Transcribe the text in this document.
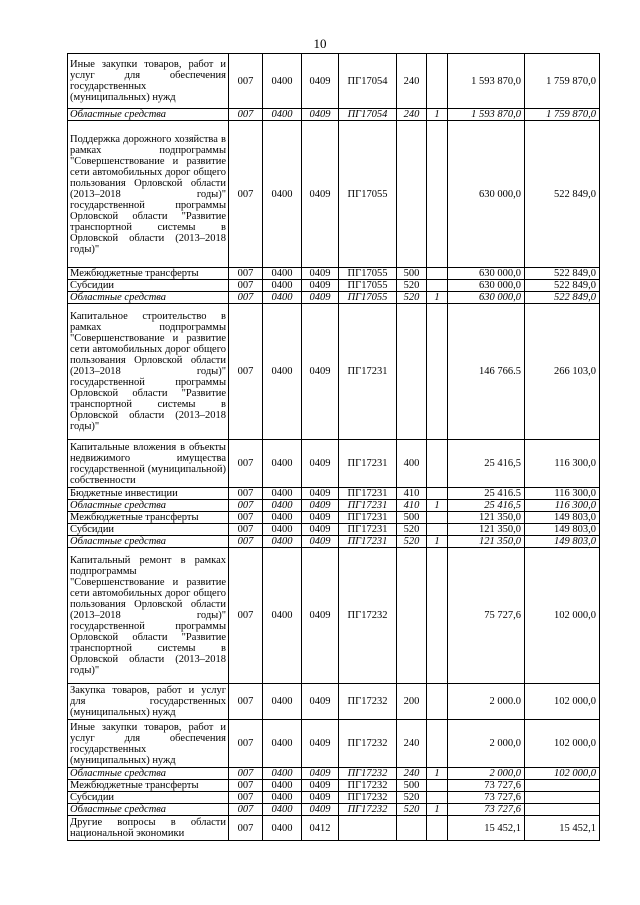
10
Иные закупки товаров, работ и услуг для обеспечения государственных (муниципальных) нужд	007	0400	0409	ПГ17054	240		1 593 870,0	1 759 870,0
Областные средства	007	0400	0409	ПГ17054	240	1	1 593 870,0	1 759 870,0
Поддержка дорожного хозяйства в рамках подпрограммы "Совершенствование и развитие сети автомобильных дорог общего пользования Орловской области (2013–2018 годы)" государственной программы Орловской области "Развитие транспортной системы в Орловской области (2013–2018 годы)"	007	0400	0409	ПГ17055			630 000,0	522 849,0
Межбюджетные трансферты	007	0400	0409	ПГ17055	500		630 000,0	522 849,0
Субсидии	007	0400	0409	ПГ17055	520		630 000,0	522 849,0
Областные средства	007	0400	0409	ПГ17055	520	1	630 000,0	522 849,0
Капитальное строительство в рамках подпрограммы "Совершенствование и развитие сети автомобильных дорог общего пользования Орловской области (2013–2018 годы)" государственной программы Орловской области "Развитие транспортной системы в Орловской области (2013–2018 годы)"	007	0400	0409	ПГ17231			146 766.5	266 103,0
Капитальные вложения в объекты недвижимого имущества государственной (муниципальной) собственности	007	0400	0409	ПГ17231	400		25 416,5	116 300,0
Бюджетные инвестиции	007	0400	0409	ПГ17231	410		25 416.5	116 300,0
Областные средства	007	0400	0409	ПГ17231	410	1	25 416,5	116 300,0
Межбюджетные трансферты	007	0400	0409	ПГ17231	500		121 350,0	149 803,0
Субсидии	007	0400	0409	ПГ17231	520		121 350,0	149 803,0
Областные средства	007	0400	0409	ПГ17231	520	1	121 350,0	149 803,0
Капитальный ремонт в рамках подпрограммы "Совершенствование и развитие сети автомобильных дорог общего пользования Орловской области (2013–2018 годы)" государственной программы Орловской области "Развитие транспортной системы в Орловской области (2013–2018 годы)"	007	0400	0409	ПГ17232			75 727,6	102 000,0
Закупка товаров, работ и услуг для государственных (муниципальных) нужд	007	0400	0409	ПГ17232	200		2 000.0	102 000,0
Иные закупки товаров, работ и услуг для обеспечения государственных (муниципальных) нужд	007	0400	0409	ПГ17232	240		2 000,0	102 000,0
Областные средства	007	0400	0409	ПГ17232	240	1	2 000,0	102 000,0
Межбюджетные трансферты	007	0400	0409	ПГ17232	500		73 727,6	
Субсидии	007	0400	0409	ПГ17232	520		73 727,6	
Областные средства	007	0400	0409	ПГ17232	520	1	73 727,6	
Другие вопросы в области национальной экономики	007	0400	0412				15 452,1	15 452,1
